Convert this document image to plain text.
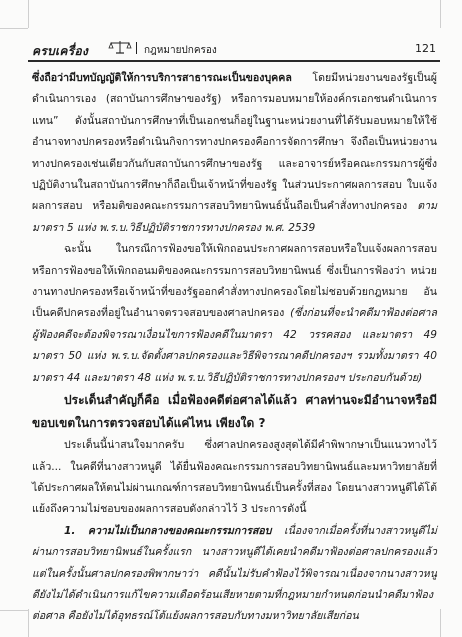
ครบเครื่อง	กฎหมายปกครอง	121

ซึ่งถือว่ามีบทบัญญัติให้การบริการสาธารณะเป็นของบุคคล โดยมีหน่วยงานของรัฐเป็นผู้ดำเนินการเอง (สถาบันการศึกษาของรัฐ) หรือการมอบหมายให้องค์กรเอกชนดำเนินการแทน” ดังนั้นสถาบันการศึกษาที่เป็นเอกชนก็อยู่ในฐานะหน่วยงานที่ได้รับมอบหมายให้ใช้อำนาจทางปกครองหรือดำเนินกิจการทางปกครองคือการจัดการศึกษา จึงถือเป็นหน่วยงานทางปกครองเช่นเดียวกันกับสถาบันการศึกษาของรัฐ และอาจารย์หรือคณะกรรมการผู้ซึ่งปฏิบัติงานในสถาบันการศึกษาก็ถือเป็นเจ้าหน้าที่ของรัฐ ในส่วนประกาศผลการสอบ ใบแจ้งผลการสอบ หรือมติของคณะกรรมการสอบวิทยานิพนธ์นั้นถือเป็นคำสั่งทางปกครอง ตามมาตรา 5 แห่ง พ.ร.บ.วิธีปฏิบัติราชการทางปกครอง พ.ศ. 2539

ฉะนั้น ในกรณีการฟ้องขอให้เพิกถอนประกาศผลการสอบหรือใบแจ้งผลการสอบ หรือการฟ้องขอให้เพิกถอนมติของคณะกรรมการสอบวิทยานิพนธ์ ซึ่งเป็นการฟ้องว่า หน่วยงานทางปกครองหรือเจ้าหน้าที่ของรัฐออกคำสั่งทางปกครองโดยไม่ชอบด้วยกฎหมาย อันเป็นคดีปกครองที่อยู่ในอำนาจตรวจสอบของศาลปกครอง (ซึ่งก่อนที่จะนำคดีมาฟ้องต่อศาล ผู้ฟ้องคดีจะต้องพิจารณาเงื่อนไขการฟ้องคดีในมาตรา 42 วรรคสอง และมาตรา 49 มาตรา 50 แห่ง พ.ร.บ.จัดตั้งศาลปกครองและวิธีพิจารณาคดีปกครองฯ รวมทั้งมาตรา 40 มาตรา 44 และมาตรา 48 แห่ง พ.ร.บ.วิธีปฏิบัติราชการทางปกครองฯ ประกอบกันด้วย)

ประเด็นสำคัญก็คือ เมื่อฟ้องคดีต่อศาลได้แล้ว ศาลท่านจะมีอำนาจหรือมีขอบเขตในการตรวจสอบได้แค่ไหน เพียงใด ?

ประเด็นนี้น่าสนใจมากครับ ซึ่งศาลปกครองสูงสุดได้มีคำพิพากษาเป็นแนวทางไว้แล้ว... ในคดีที่นางสาวหนูดี ได้ยื่นฟ้องคณะกรรมการสอบวิทยานิพนธ์และมหาวิทยาลัยที่ได้ประกาศผลให้ตนไม่ผ่านเกณฑ์การสอบวิทยานิพนธ์เป็นครั้งที่สอง โดยนางสาวหนูดีได้โต้แย้งถึงความไม่ชอบของผลการสอบดังกล่าวไว้ 3 ประการดังนี้

1. ความไม่เป็นกลางของคณะกรรมการสอบ เนื่องจากเมื่อครั้งที่นางสาวหนูดีไม่ผ่านการสอบวิทยานิพนธ์ในครั้งแรก นางสาวหนูดีได้เคยนำคดีมาฟ้องต่อศาลปกครองแล้ว แต่ในครั้งนั้นศาลปกครองพิพากษาว่า คดีนั้นไม่รับคำฟ้องไว้พิจารณาเนื่องจากนางสาวหนูดียังไม่ได้ดำเนินการแก้ไขความเดือดร้อนเสียหายตามที่กฎหมายกำหนดก่อนนำคดีมาฟ้องต่อศาล คือยังไม่ได้อุทธรณ์โต้แย้งผลการสอบกับทางมหาวิทยาลัยเสียก่อน
